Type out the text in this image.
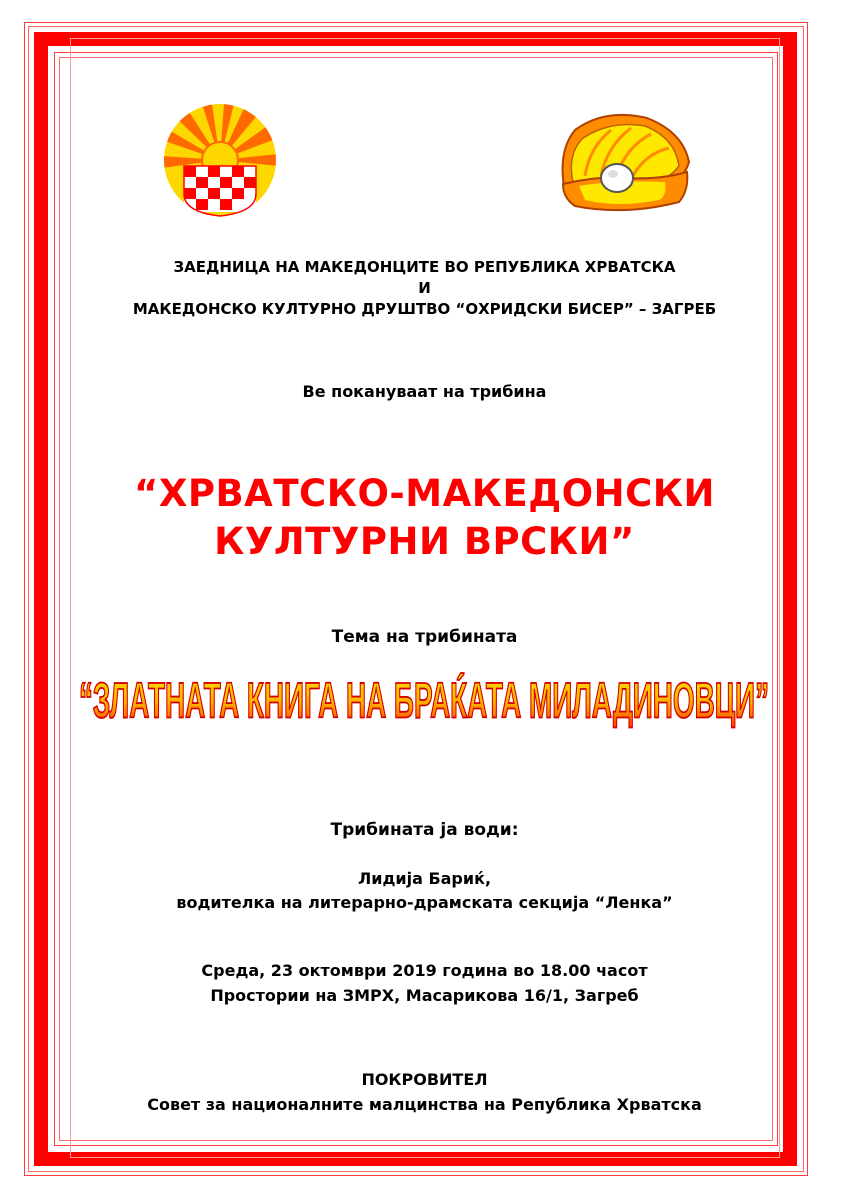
ЗАЕДНИЦА НА МАКЕДОНЦИТЕ ВО РЕПУБЛИКА ХРВАТСКА
И
МАКЕДОНСКО КУЛТУРНО ДРУШТВО “ОХРИДСКИ БИСЕР” – ЗАГРЕБ
Ве покануваат на трибина
“ХРВАТСКО-МАКЕДОНСКИ
КУЛТУРНИ ВРСКИ”
Тема на трибината
“ЗЛАТНАТА КНИГА НА БРАЌАТА МИЛАДИНОВЦИ”
Трибината ја води:
Лидија Бариќ,
водителка на литерарно-драмската секција “Ленка”
Среда, 23 октомври 2019 година во 18.00 часот
Простории на ЗМРХ, Масарикова 16/1, Загреб
ПОКРОВИТЕЛ
Совет за националните малцинства на Република Хрватска
